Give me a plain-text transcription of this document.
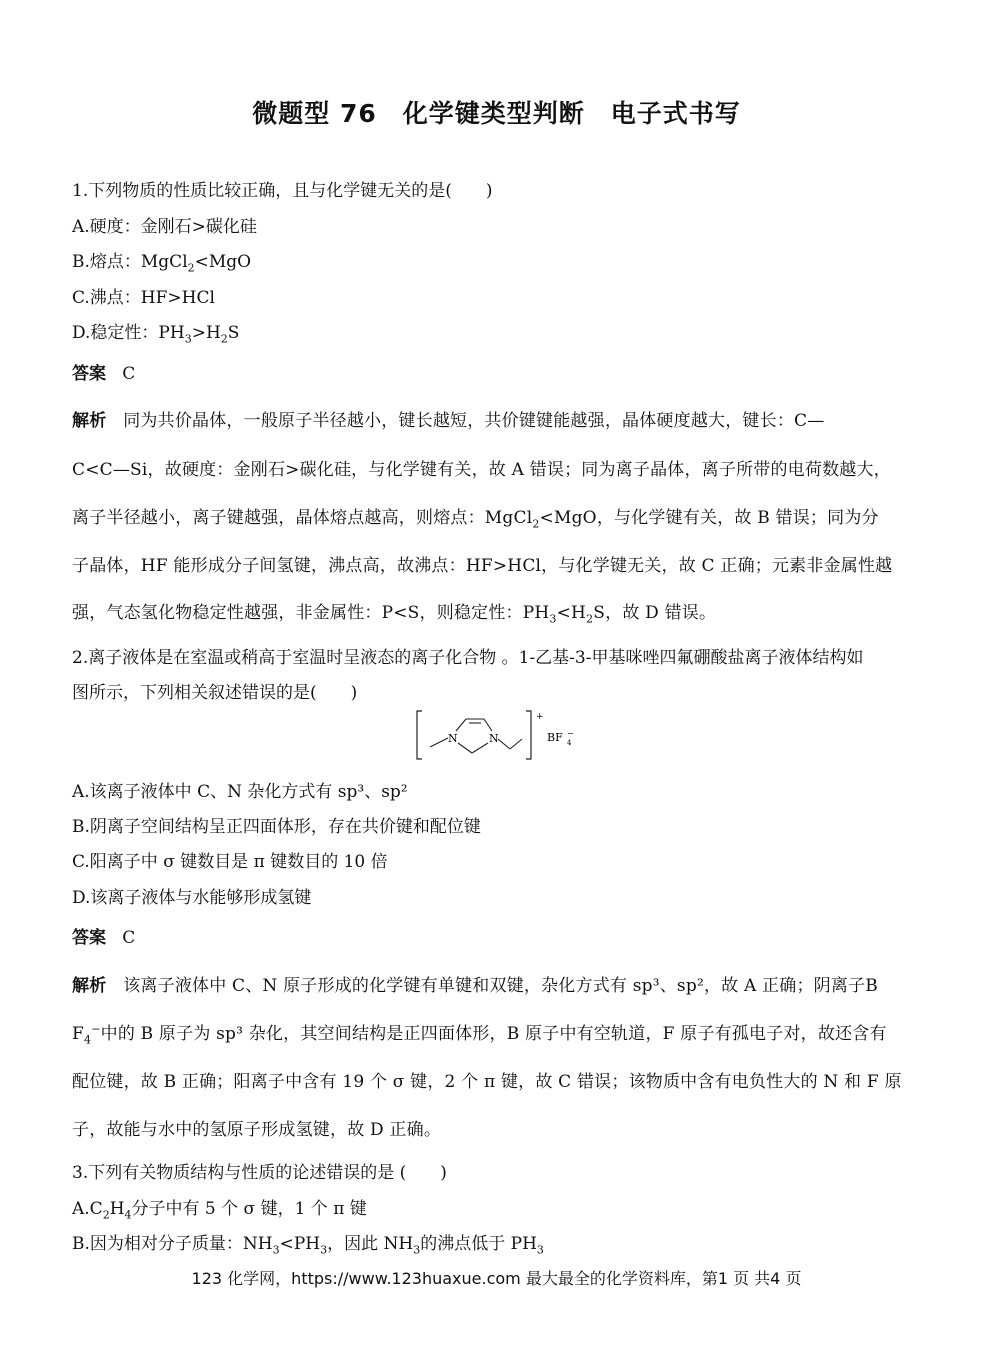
微题型 76　化学键类型判断　电子式书写
1.下列物质的性质比较正确，且与化学键无关的是(　　)
A.硬度：金刚石>碳化硅
B.熔点：MgCl$_2$<MgO
C.沸点：HF>HCl
D.稳定性：$PH_3>H_2S$
答案 C
解析 同为共价晶体，一般原子半径越小，键长越短，共价键键能越强，晶体硬度越大，键长：C—
C<C—Si，故硬度：金刚石>碳化硅，与化学键有关，故 A 错误；同为离子晶体，离子所带的电荷数越大，
离子半径越小，离子键越强，晶体熔点越高，则熔点：MgCl$_2$<MgO，与化学键有关，故 B 错误；同为分
子晶体，HF 能形成分子间氢键，沸点高，故沸点：HF>HCl，与化学键无关，故 C 正确；元素非金属性越
强，气态氢化物稳定性越强，非金属性：P<S，则稳定性：$PH_3<H_2S$，故 D 错误。
2.离子液体是在室温或稍高于室温时呈液态的离子化合物 。1-乙基-3-甲基咪唑四氟硼酸盐离子液体结构如
图所示，下列相关叙述错误的是(　　)
N	N
+
BF 4
−
A.该离子液体中 C、N 杂化方式有 sp³、sp²
B.阴离子空间结构呈正四面体形，存在共价键和配位键
C.阳离子中 σ 键数目是 π 键数目的 10 倍
D.该离子液体与水能够形成氢键
答案 C
解析 该离子液体中 C、N 原子形成的化学键有单键和双键，杂化方式有 sp³、sp²，故 A 正确；阴离子B
$F_4^-$中的 B 原子为 sp³ 杂化，其空间结构是正四面体形，B 原子中有空轨道，F 原子有孤电子对，故还含有
配位键，故 B 正确；阳离子中含有 19 个 σ 键，2 个 π 键，故 C 错误；该物质中含有电负性大的 N 和 F 原
子，故能与水中的氢原子形成氢键，故 D 正确。
3.下列有关物质结构与性质的论述错误的是 (　　)
$A.C_2H_4$分子中有 5 个 σ 键，1 个 π 键
B.因为相对分子质量：$NH_3<PH_3$，因此 $NH_3$的沸点低于 $PH_3$
123 化学网，https://www.123huaxue.com 最大最全的化学资料库，第1 页 共4 页
